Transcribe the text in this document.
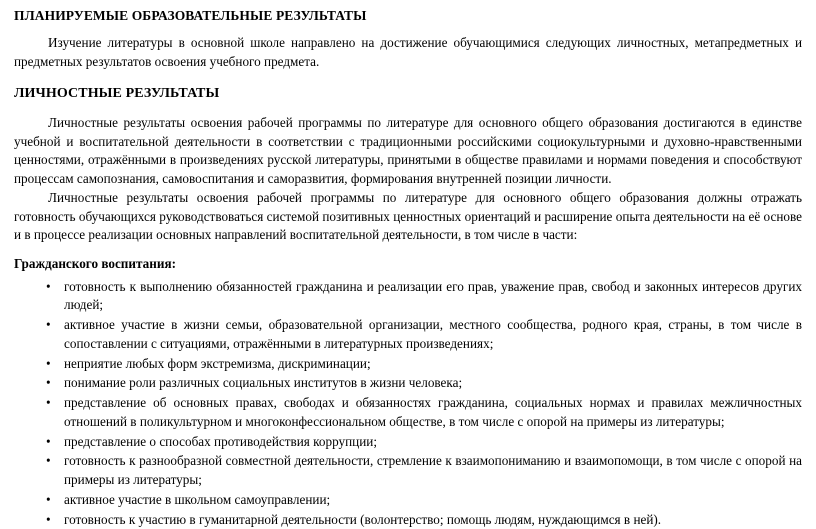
ПЛАНИРУЕМЫЕ ОБРАЗОВАТЕЛЬНЫЕ РЕЗУЛЬТАТЫ

Изучение литературы в основной школе направлено на достижение обучающимися следующих личностных, метапредметных и предметных результатов освоения учебного предмета.

ЛИЧНОСТНЫЕ РЕЗУЛЬТАТЫ

Личностные результаты освоения рабочей программы по литературе для основного общего образования достигаются в единстве учебной и воспитательной деятельности в соответствии с традиционными российскими социокультурными и духовно-нравственными ценностями, отражёнными в произведениях русской литературы, принятыми в обществе правилами и нормами поведения и способствуют процессам самопознания, самовоспитания и саморазвития, формирования внутренней позиции личности.

Личностные результаты освоения рабочей программы по литературе для основного общего образования должны отражать готовность обучающихся руководствоваться системой позитивных ценностных ориентаций и расширение опыта деятельности на её основе и в процессе реализации основных направлений воспитательной деятельности, в том числе в части:

Гражданского воспитания:
• готовность к выполнению обязанностей гражданина и реализации его прав, уважение прав, свобод и законных интересов других людей;
• активное участие в жизни семьи, образовательной организации, местного сообщества, родного края, страны, в том числе в сопоставлении с ситуациями, отражёнными в литературных произведениях;
• неприятие любых форм экстремизма, дискриминации;
• понимание роли различных социальных институтов в жизни человека;
• представление об основных правах, свободах и обязанностях гражданина, социальных нормах и правилах межличностных отношений в поликультурном и многоконфессиональном обществе, в том числе с опорой на примеры из литературы;
• представление о способах противодействия коррупции;
• готовность к разнообразной совместной деятельности, стремление к взаимопониманию и взаимопомощи, в том числе с опорой на примеры из литературы;
• активное участие в школьном самоуправлении;
• готовность к участию в гуманитарной деятельности (волонтерство; помощь людям, нуждающимся в ней).
